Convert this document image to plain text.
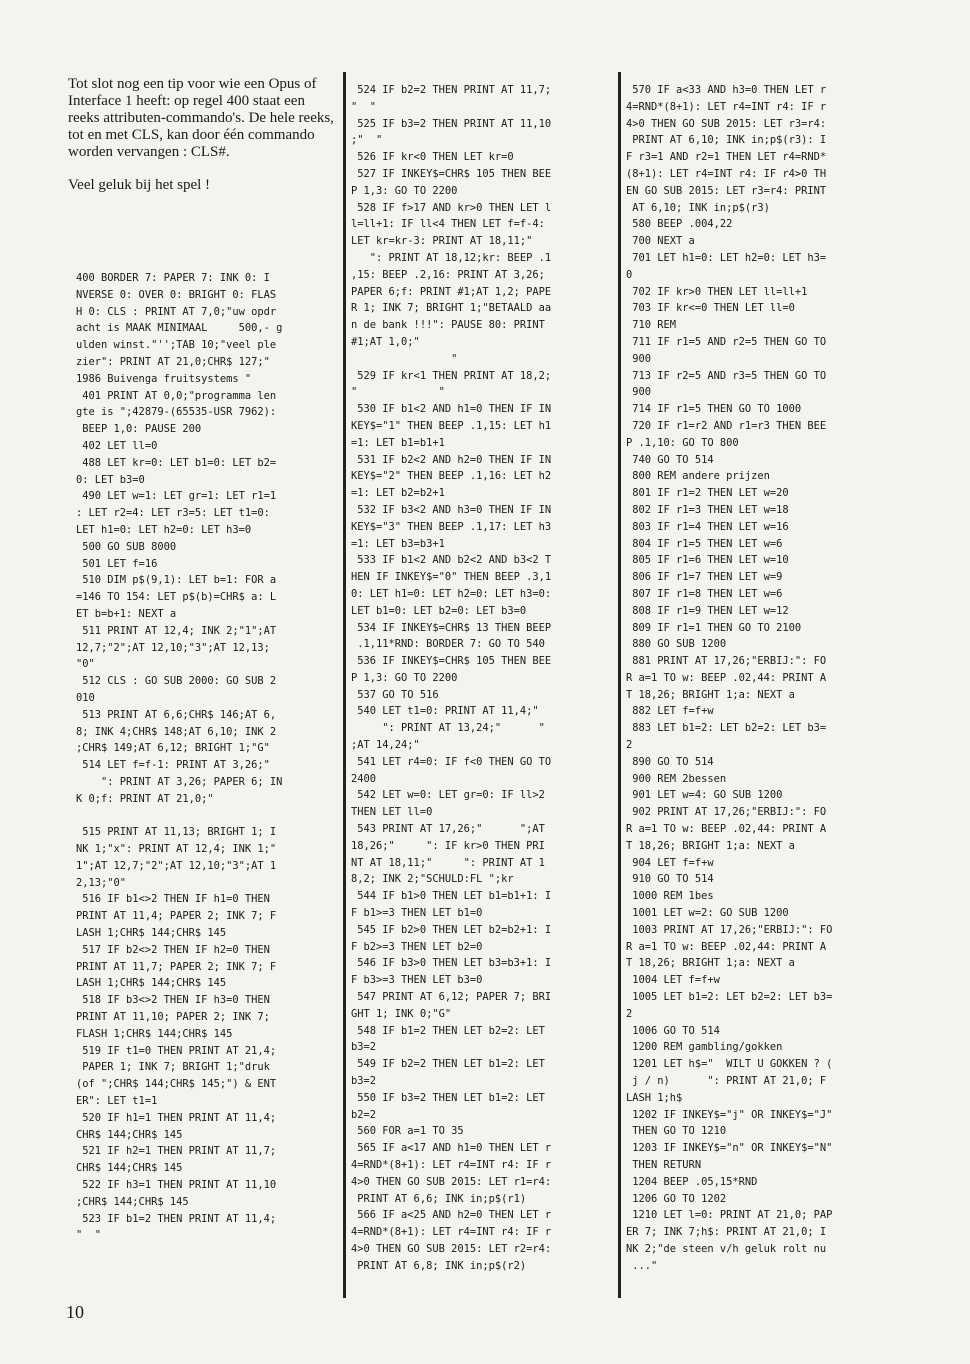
Tot slot nog een tip voor wie een Opus of Interface 1 heeft: op regel 400 staat een reeks attributen-commando's. De hele reeks, tot en met CLS, kan door één commando worden vervangen : CLS#.

Veel geluk bij het spel !

400 BORDER 7: PAPER 7: INK 0: I
NVERSE 0: OVER 0: BRIGHT 0: FLAS
H 0: CLS : PRINT AT 7,0;"uw opdr
acht is MAAK MINIMAAL     500,- g
ulden winst."'';TAB 10;"veel ple
zier": PRINT AT 21,0;CHR$ 127;"
1986 Buivenga fruitsystems "
401 PRINT AT 0,0;"programma len
gte is ";42879-(65535-USR 7962):
BEEP 1,0: PAUSE 200
402 LET ll=0
488 LET kr=0: LET b1=0: LET b2=
0: LET b3=0
490 LET w=1: LET gr=1: LET r1=1
: LET r2=4: LET r3=5: LET t1=0:
LET h1=0: LET h2=0: LET h3=0
500 GO SUB 8000
501 LET f=16
510 DIM p$(9,1): LET b=1: FOR a
=146 TO 154: LET p$(b)=CHR$ a: L
ET b=b+1: NEXT a
511 PRINT AT 12,4; INK 2;"1";AT
12,7;"2";AT 12,10;"3";AT 12,13;
"0"
512 CLS : GO SUB 2000: GO SUB 2
010
513 PRINT AT 6,6;CHR$ 146;AT 6,
8; INK 4;CHR$ 148;AT 6,10; INK 2
;CHR$ 149;AT 6,12; BRIGHT 1;"G"
514 LET f=f-1: PRINT AT 3,26;"
": PRINT AT 3,26; PAPER 6; IN
K 0;f: PRINT AT 21,0;"

515 PRINT AT 11,13; BRIGHT 1; I
NK 1;"x": PRINT AT 12,4; INK 1;"
1";AT 12,7;"2";AT 12,10;"3";AT 1
2,13;"0"
516 IF b1<>2 THEN IF h1=0 THEN
PRINT AT 11,4; PAPER 2; INK 7; F
LASH 1;CHR$ 144;CHR$ 145
517 IF b2<>2 THEN IF h2=0 THEN
PRINT AT 11,7; PAPER 2; INK 7; F
LASH 1;CHR$ 144;CHR$ 145
518 IF b3<>2 THEN IF h3=0 THEN
PRINT AT 11,10; PAPER 2; INK 7;
FLASH 1;CHR$ 144;CHR$ 145
519 IF t1=0 THEN PRINT AT 21,4;
PAPER 1; INK 7; BRIGHT 1;"druk
(of ";CHR$ 144;CHR$ 145;") & ENT
ER": LET t1=1
520 IF h1=1 THEN PRINT AT 11,4;
CHR$ 144;CHR$ 145
521 IF h2=1 THEN PRINT AT 11,7;
CHR$ 144;CHR$ 145
522 IF h3=1 THEN PRINT AT 11,10
;CHR$ 144;CHR$ 145
523 IF b1=2 THEN PRINT AT 11,4;
"  "
524 IF b2=2 THEN PRINT AT 11,7;
"  "
525 IF b3=2 THEN PRINT AT 11,10
;"  "
526 IF kr<0 THEN LET kr=0
527 IF INKEY$=CHR$ 105 THEN BEE
P 1,3: GO TO 2200
528 IF f>17 AND kr>0 THEN LET l
l=ll+1: IF ll<4 THEN LET f=f-4:
LET kr=kr-3: PRINT AT 18,11;"
": PRINT AT 18,12;kr: BEEP .1
,15: BEEP .2,16: PRINT AT 3,26;
PAPER 6;f: PRINT #1;AT 1,2; PAPE
R 1; INK 7; BRIGHT 1;"BETAALD aa
n de bank !!!": PAUSE 80: PRINT
#1;AT 1,0;"
"
529 IF kr<1 THEN PRINT AT 18,2;
"             "
530 IF b1<2 AND h1=0 THEN IF IN
KEY$="1" THEN BEEP .1,15: LET h1
=1: LET b1=b1+1
531 IF b2<2 AND h2=0 THEN IF IN
KEY$="2" THEN BEEP .1,16: LET h2
=1: LET b2=b2+1
532 IF b3<2 AND h3=0 THEN IF IN
KEY$="3" THEN BEEP .1,17: LET h3
=1: LET b3=b3+1
533 IF b1<2 AND b2<2 AND b3<2 T
HEN IF INKEY$="0" THEN BEEP .3,1
0: LET h1=0: LET h2=0: LET h3=0:
LET b1=0: LET b2=0: LET b3=0
534 IF INKEY$=CHR$ 13 THEN BEEP
.1,11*RND: BORDER 7: GO TO 540
536 IF INKEY$=CHR$ 105 THEN BEE
P 1,3: GO TO 2200
537 GO TO 516
540 LET t1=0: PRINT AT 11,4;"
": PRINT AT 13,24;"      "
;AT 14,24;"
541 LET r4=0: IF f<0 THEN GO TO
2400
542 LET w=0: LET gr=0: IF ll>2
THEN LET ll=0
543 PRINT AT 17,26;"      ";AT
18,26;"     ": IF kr>0 THEN PRI
NT AT 18,11;"     ": PRINT AT 1
8,2; INK 2;"SCHULD:FL ";kr
544 IF b1>0 THEN LET b1=b1+1: I
F b1>=3 THEN LET b1=0
545 IF b2>0 THEN LET b2=b2+1: I
F b2>=3 THEN LET b2=0
546 IF b3>0 THEN LET b3=b3+1: I
F b3>=3 THEN LET b3=0
547 PRINT AT 6,12; PAPER 7; BRI
GHT 1; INK 0;"G"
548 IF b1=2 THEN LET b2=2: LET
b3=2
549 IF b2=2 THEN LET b1=2: LET
b3=2
550 IF b3=2 THEN LET b1=2: LET
b2=2
560 FOR a=1 TO 35
565 IF a<17 AND h1=0 THEN LET r
4=RND*(8+1): LET r4=INT r4: IF r
4>0 THEN GO SUB 2015: LET r1=r4:
PRINT AT 6,6; INK in;p$(r1)
566 IF a<25 AND h2=0 THEN LET r
4=RND*(8+1): LET r4=INT r4: IF r
4>0 THEN GO SUB 2015: LET r2=r4:
PRINT AT 6,8; INK in;p$(r2)
570 IF a<33 AND h3=0 THEN LET r
4=RND*(8+1): LET r4=INT r4: IF r
4>0 THEN GO SUB 2015: LET r3=r4:
PRINT AT 6,10; INK in;p$(r3): I
F r3=1 AND r2=1 THEN LET r4=RND*
(8+1): LET r4=INT r4: IF r4>0 TH
EN GO SUB 2015: LET r3=r4: PRINT
AT 6,10; INK in;p$(r3)
580 BEEP .004,22
700 NEXT a
701 LET h1=0: LET h2=0: LET h3=
0
702 IF kr>0 THEN LET ll=ll+1
703 IF kr<=0 THEN LET ll=0
710 REM
711 IF r1=5 AND r2=5 THEN GO TO
900
713 IF r2=5 AND r3=5 THEN GO TO
900
714 IF r1=5 THEN GO TO 1000
720 IF r1=r2 AND r1=r3 THEN BEE
P .1,10: GO TO 800
740 GO TO 514
800 REM andere prijzen
801 IF r1=2 THEN LET w=20
802 IF r1=3 THEN LET w=18
803 IF r1=4 THEN LET w=16
804 IF r1=5 THEN LET w=6
805 IF r1=6 THEN LET w=10
806 IF r1=7 THEN LET w=9
807 IF r1=8 THEN LET w=6
808 IF r1=9 THEN LET w=12
809 IF r1=1 THEN GO TO 2100
880 GO SUB 1200
881 PRINT AT 17,26;"ERBIJ:": FO
R a=1 TO w: BEEP .02,44: PRINT A
T 18,26; BRIGHT 1;a: NEXT a
882 LET f=f+w
883 LET b1=2: LET b2=2: LET b3=
2
890 GO TO 514
900 REM 2bessen
901 LET w=4: GO SUB 1200
902 PRINT AT 17,26;"ERBIJ:": FO
R a=1 TO w: BEEP .02,44: PRINT A
T 18,26; BRIGHT 1;a: NEXT a
904 LET f=f+w
910 GO TO 514
1000 REM 1bes
1001 LET w=2: GO SUB 1200
1003 PRINT AT 17,26;"ERBIJ:": FO
R a=1 TO w: BEEP .02,44: PRINT A
T 18,26; BRIGHT 1;a: NEXT a
1004 LET f=f+w
1005 LET b1=2: LET b2=2: LET b3=
2
1006 GO TO 514
1200 REM gambling/gokken
1201 LET h$="  WILT U GOKKEN ? (
j / n)      ": PRINT AT 21,0; F
LASH 1;h$
1202 IF INKEY$="j" OR INKEY$="J"
THEN GO TO 1210
1203 IF INKEY$="n" OR INKEY$="N"
THEN RETURN
1204 BEEP .05,15*RND
1206 GO TO 1202
1210 LET l=0: PRINT AT 21,0; PAP
ER 7; INK 7;h$: PRINT AT 21,0; I
NK 2;"de steen v/h geluk rolt nu
..."
10
